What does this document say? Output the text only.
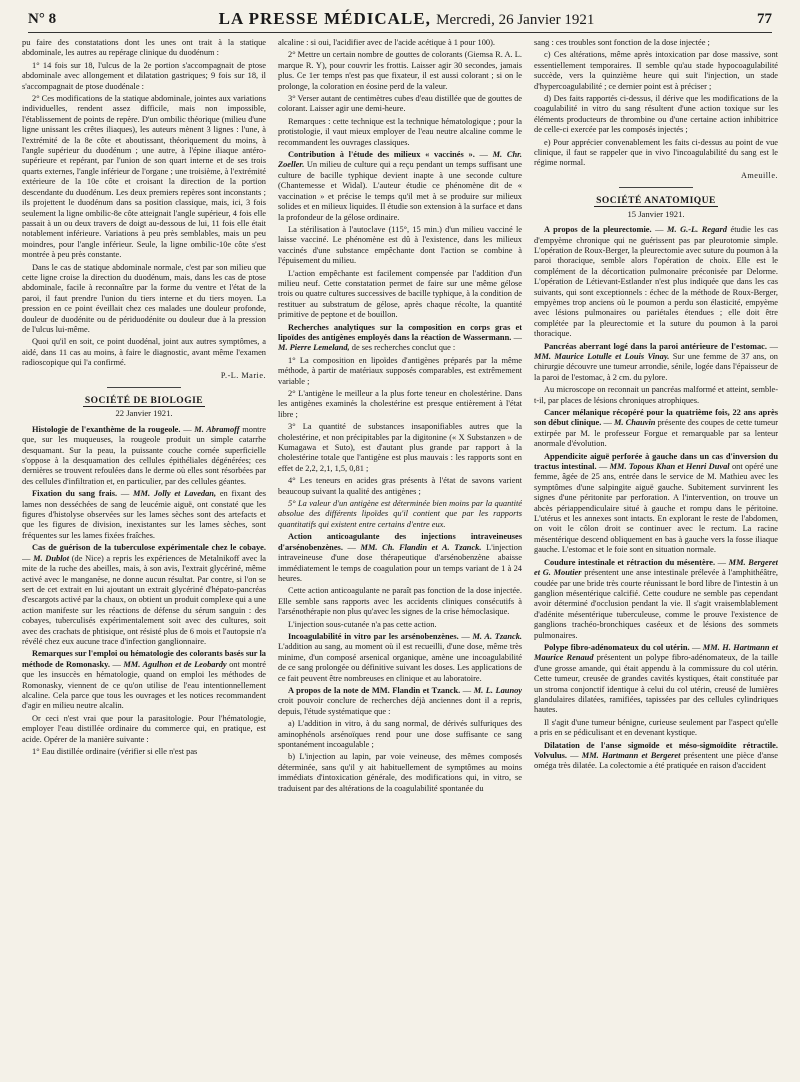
N° 8	LA PRESSE MÉDICALE, Mercredi, 26 Janvier 1921	77

pu faire des constatations dont les unes ont trait à la statique abdominale, les autres au repérage clinique du duodénum :

1° 14 fois sur 18, l'ulcus de la 2e portion s'accompagnait de ptose abdominale avec allongement et dilatation gastriques; 9 fois sur 18, il s'accompagnait de ptose duodénale :

2° Ces modifications de la statique abdominale, jointes aux variations individuelles, rendent assez difficile, mais non impossible, l'établissement de points de repère. D'un ombilic théorique (milieu d'une ligne unissant les crêtes iliaques), les auteurs mènent 3 lignes : l'une, à l'extrémité de la 8e côte et aboutissant, théoriquement du moins, à l'angle supérieur du duodénum ; une autre, à l'épine iliaque antéro-supérieure et repérant, par l'union de son quart interne et de ses trois quarts externes, l'angle inférieur de l'organe ; une troisième, à l'extrémité extérieure de la 10e côte et croisant la direction de la portion descendante du duodénum. Les deux premiers repères sont inconstants ; ils projettent le duodénum dans sa position classique, mais, ici, 3 fois seulement la ligne ombilic-8e côte atteignait l'angle supérieur, 4 fois elle passait à un ou deux travers de doigt au-dessous de lui, 11 fois elle était notablement inférieure. Variations à peu près semblables, mais un peu moindres, pour l'angle inférieur. Seule, la ligne ombilic-10e côte s'est montrée à peu près constante.

Dans le cas de statique abdominale normale, c'est par son milieu que cette ligne croise la direction du duodénum, mais, dans les cas de ptose abdominale, facile à reconnaître par la forme du ventre et l'état de la paroi, il faut prendre l'union du tiers interne et du tiers moyen. La pression en ce point éveillait chez ces malades une douleur profonde, douleur de duodénite ou de périduodénite ou douleur due à la pression de l'ulcus lui-même.

Quoi qu'il en soit, ce point duodénal, joint aux autres symptômes, a aidé, dans 11 cas au moins, à faire le diagnostic, avant même l'examen radioscopique qui l'a confirmé.

P.-L. Marie.
SOCIÉTÉ DE BIOLOGIE
22 Janvier 1921.

Histologie de l'exanthème de la rougeole. — M. Abramoff montre que, sur les muqueuses, la rougeole produit un simple catarrhe desquamant. Sur la peau, la puissante couche cornée superficielle s'oppose à la desquamation des cellules épithéliales dégénérées; ces dernières se trouvent refoulées dans le derme où elles sont résorbées par des cellules d'infiltration et, en particulier, par des cellules géantes.

Fixation du sang frais. — MM. Jolly et Lavedan, en fixant des lames non desséchées de sang de leucémie aiguë, ont constaté que les figures d'histolyse observées sur les lames sèches sont des artefacts et que les figures de division, inexistantes sur les lames sèches, sont fréquentes sur les lames fixées fraîches.

Cas de guérison de la tuberculose expérimentale chez le cobaye. — M. Dublot (de Nice) a repris les expériences de Metalnikoff avec la mite de la ruche des abeilles, mais, à son avis, l'extrait glycériné, même activé avec le manganèse, ne donne aucun résultat. Par contre, si l'on se sert de cet extrait en lui ajoutant un extrait glycériné d'hépato-pancréas d'escargots activé par la chaux, on obtient un produit complexe qui a une action manifeste sur les réactions de défense du sérum sanguin : des cobayes, tuberculisés expérimentalement soit avec des cultures, soit avec des crachats de phtisique, ont résisté plus de 6 mois et l'autopsie n'a révélé chez eux aucune trace d'infection ganglionnaire.

Remarques sur l'emploi ou hématologie des colorants basés sur la méthode de Romonasky. — MM. Agulhon et de Leobardy ont montré que les insuccès en hématologie, quand on emploi les méthodes de Romonasky, viennent de ce qu'on utilise de l'eau intentionnellement alcaline. Cela parce que tous les ouvrages et les notices recommandent d'agir en milieu neutre alcalin.

Or ceci n'est vrai que pour la parasitologie. Pour l'hématologie, employer l'eau distillée ordinaire du commerce qui, en pratique, est acide. Opérer de la manière suivante :

1° Eau distillée ordinaire (vérifier si elle n'est pas

alcaline : si oui, l'acidifier avec de l'acide acétique à 1 pour 100).

2° Mettre un certain nombre de gouttes de colorants (Giemsa R. A. L. marque R. Y), pour couvrir les frottis. Laisser agir 30 secondes, jamais plus. Ce 1er temps n'est pas que fixateur, il est aussi colorant ; si on le prolonge, la coloration en éosine perd de la valeur.

3° Verser autant de centimètres cubes d'eau distillée que de gouttes de colorant. Laisser agir une demi-heure.

Remarques : cette technique est la technique hématologique ; pour la protistologie, il vaut mieux employer de l'eau neutre alcaline comme le recommandent les ouvrages classiques.

Contribution à l'étude des milieux « vaccinés ». — M. Chr. Zoeller. Un milieu de culture qui a reçu pendant un temps suffisant une culture de bacille typhique devient inapte à une seconde culture (Chantemesse et Widal). L'auteur étudie ce phénomène dit de « vaccination » et précise le temps qu'il met à se produire sur milieux solides et en milieux liquides. Il étudie son extension à la surface et dans la profondeur de la gélose ordinaire.

La stérilisation à l'autoclave (115°, 15 min.) d'un milieu vacciné le laisse vacciné. Le phénomène est dû à l'existence, dans les milieux vaccinés d'une substance empêchante dont l'action se combine à l'épuisement du milieu.

L'action empêchante est facilement compensée par l'addition d'un milieu neuf. Cette constatation permet de faire sur une même gélose trois ou quatre cultures successives de bacille typhique, à la condition de restituer au substratum de gélose, après chaque récolte, la quantité primitive de peptone et de bouillon.

Recherches analytiques sur la composition en corps gras et lipoïdes des antigènes employés dans la réaction de Wassermann. — M. Pierre Lemeland, de ses recherches conclut que :

1° La composition en lipoïdes d'antigènes préparés par la même méthode, à partir de matériaux supposés comparables, est extrêmement variable ;

2° L'antigène le meilleur a la plus forte teneur en cholestérine. Dans les antigènes examinés la cholestérine est presque entièrement à l'état libre ;

3° La quantité de substances insaponifiables autres que la cholestérine, et non précipitables par la digitonine (« X Substanzen » de Kumagawa et Suto), est d'autant plus grande par rapport à la cholestérine totale que l'antigène est plus mauvais : les rapports sont en effet de 2,2, 2,1, 1,5, 0,81 ;

4° Les teneurs en acides gras présents à l'état de savons varient beaucoup suivant la qualité des antigènes ;

5° La valeur d'un antigène est déterminée bien moins par la quantité absolue des différents lipoïdes qu'il contient que par les rapports quantitatifs qui existent entre certains d'entre eux.

Action anticoagulante des injections intraveineuses d'arsénobenzènes. — MM. Ch. Flandin et A. Tzanck. L'injection intraveineuse d'une dose thérapeutique d'arsénobenzène abaisse immédiatement le temps de coagulation pour un temps variant de 1 à 24 heures.

Cette action anticoagulante ne paraît pas fonction de la dose injectée. Elle semble sans rapports avec les accidents cliniques consécutifs à l'arsénothérapie non plus qu'avec les signes de la crise hémoclasique.

L'injection sous-cutanée n'a pas cette action.

Incoagulabilité in vitro par les arsénobenzènes. — M. A. Tzanck. L'addition au sang, au moment où il est recueilli, d'une dose, même très minime, d'un composé arsenical organique, amène une incoagulabilité de ce sang prolongée ou définitive suivant les doses. Les applications de ce fait peuvent être nombreuses en clinique et au laboratoire.

A propos de la note de MM. Flandin et Tzanck. — M. L. Launoy croit pouvoir conclure de recherches déjà anciennes dont il a repris, depuis, l'étude systématique que :

a) L'addition in vitro, à du sang normal, de dérivés sulfuriques des aminophénols arsénoïques rend pour une dose suffisante ce sang spontanément incoagulable ;

b) L'injection au lapin, par voie veineuse, des mêmes composés déterminée, sans qu'il y ait habituellement de symptômes au moins immédiats d'intoxication générale, des modifications qui, in vitro, se traduisent par des altérations de la coagulabilité spontanée du

sang : ces troubles sont fonction de la dose injectée ;

c) Ces altérations, même après intoxication par dose massive, sont essentiellement temporaires. Il semble qu'au stade hypocoagulabilité succède, vers la quinzième heure qui suit l'injection, un stade d'hypercoagulabilité ; ce dernier point est à préciser ;

d) Des faits rapportés ci-dessus, il dérive que les modifications de la coagulabilité in vitro du sang résultent d'une action toxique sur les éléments producteurs de thrombine ou d'une certaine action inhibitrice de celle-ci exercée par les composés injectés ;

e) Pour apprécier convenablement les faits ci-dessus au point de vue clinique, il faut se rappeler que in vivo l'incoagulabilité du sang est le régime normal.

Ameuille.
SOCIÉTÉ ANATOMIQUE
15 Janvier 1921.

A propos de la pleurectomie. — M. G.-L. Regard étudie les cas d'empyème chronique qui ne guérissent pas par pleurotomie simple. L'opération de Roux-Berger, la pleurectomie avec suture du poumon à la paroi thoracique, semble alors l'opération de choix. Elle est le complément de la décortication pulmonaire préconisée par Delorme. L'opération de Létievant-Estlander n'est plus indiquée que dans les cas suivants, qui sont exceptionnels : échec de la méthode de Roux-Berger, empyèmes trop anciens où le poumon a perdu son élasticité, empyème avec lésions pulmonaires ou pariétales étendues ; elle doit être complétée par la pleurectomie et la suture du poumon à la paroi thoracique.

Pancréas aberrant logé dans la paroi antérieure de l'estomac. — MM. Maurice Lotulle et Louis Vinay. Sur une femme de 37 ans, on chirurgie découvre une tumeur arrondie, sénile, logée dans l'épaisseur de la paroi de l'estomac, à 2 cm. du pylore.

Au microscope on reconnait un pancréas malformé et atteint, semble-t-il, par places de lésions chroniques atrophiques.

Cancer mélanique récopéré pour la quatrième fois, 22 ans après son début clinique. — M. Chauvin présente des coupes de cette tumeur extirpée par M. le professeur Forgue et remarquable par sa lenteur anormale d'évolution.

Appendicite aiguë perforée à gauche dans un cas d'inversion du tractus intestinal. — MM. Topous Khan et Henri Duval ont opéré une femme, âgée de 25 ans, entrée dans le service de M. Mathieu avec les symptômes d'une salpingite aiguë gauche. Subitement survinrent les signes d'une péritonite par perforation. A l'intervention, on trouve un abcès périappendiculaire situé à gauche et rompu dans le péritoine. L'utérus et les annexes sont intacts. En explorant le reste de l'abdomen, on voit le côlon droit se continuer avec le rectum. La racine mésentérique descend obliquement en bas à gauche vers la fosse iliaque gauche. L'estomac et le foie sont en situation normale.

Coudure intestinale et rétraction du mésentère. — MM. Bergeret et G. Moutier présentent une anse intestinale prélevée à l'amphithéâtre, coudée par une bride très courte réunissant le bord libre de l'intestin à un ganglion mésentérique calcifié. Cette coudure ne semble pas cependant avoir déterminé d'occlusion pendant la vie. Il s'agit vraisemblablement d'adénite mésentérique tuberculeuse, comme le prouve l'existence de ganglions trachéo-bronchiques caséeux et de lésions des sommets pulmonaires.

Polype fibro-adénomateux du col utérin. — MM. H. Hartmann et Maurice Renaud présentent un polype fibro-adénomateux, de la taille d'une grosse amande, qui était appendu à la commissure du col utérin. Cette tumeur, creusée de grandes cavités kystiques, était constituée par un stroma conjonctif identique à celui du col utérin, creusé de lumières glandulaires dilatées, ramifiées, tapissées par des cellules cylindriques hautes.

Il s'agit d'une tumeur bénigne, curieuse seulement par l'aspect qu'elle a pris en se pédiculisant et en devenant kystique.

Dilatation de l'anse sigmoïde et méso-sigmoïdite rétractile. Volvulus. — MM. Hartmann et Bergeret présentent une pièce d'anse oméga très dilatée. La colectomie a été pratiquée en raison d'accident
